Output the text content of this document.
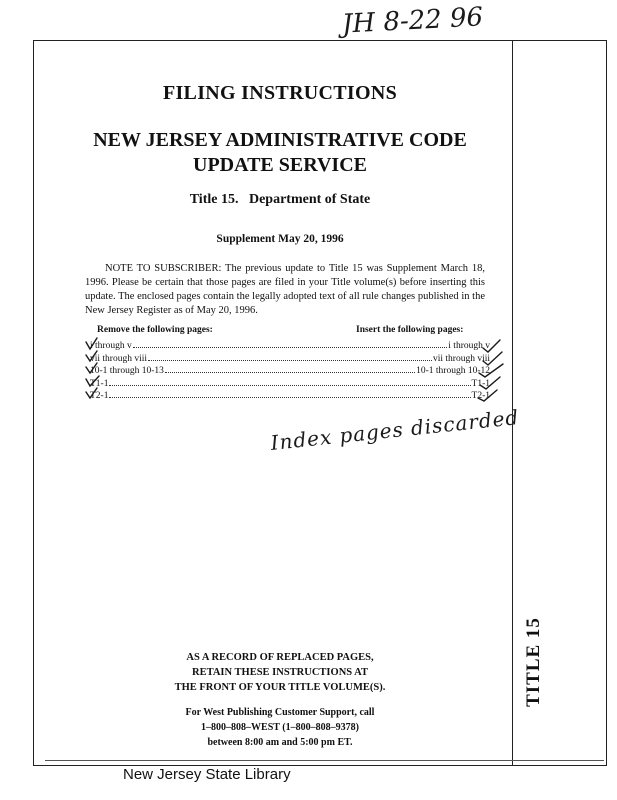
JH 8-22 96
FILING INSTRUCTIONS
NEW JERSEY ADMINISTRATIVE CODE
UPDATE SERVICE
Title 15.   Department of State
Supplement May 20, 1996
NOTE TO SUBSCRIBER: The previous update to Title 15 was Supplement March 18, 1996. Please be certain that those pages are filed in your Title volume(s) before inserting this update. The enclosed pages contain the legally adopted text of all rule changes published in the New Jersey Register as of May 20, 1996.
Remove the following pages:	Insert the following pages:
i through v	i through v
vii through viii	vii through viii
10-1 through 10-13	10-1 through 10-12
T1-1	T1-1
T2-1	T2-1
Index pages discarded
AS A RECORD OF REPLACED PAGES,
RETAIN THESE INSTRUCTIONS AT
THE FRONT OF YOUR TITLE VOLUME(S).
For West Publishing Customer Support, call
1–800–808–WEST (1–800–808–9378)
between 8:00 am and 5:00 pm ET.
TITLE 15
New Jersey State Library
